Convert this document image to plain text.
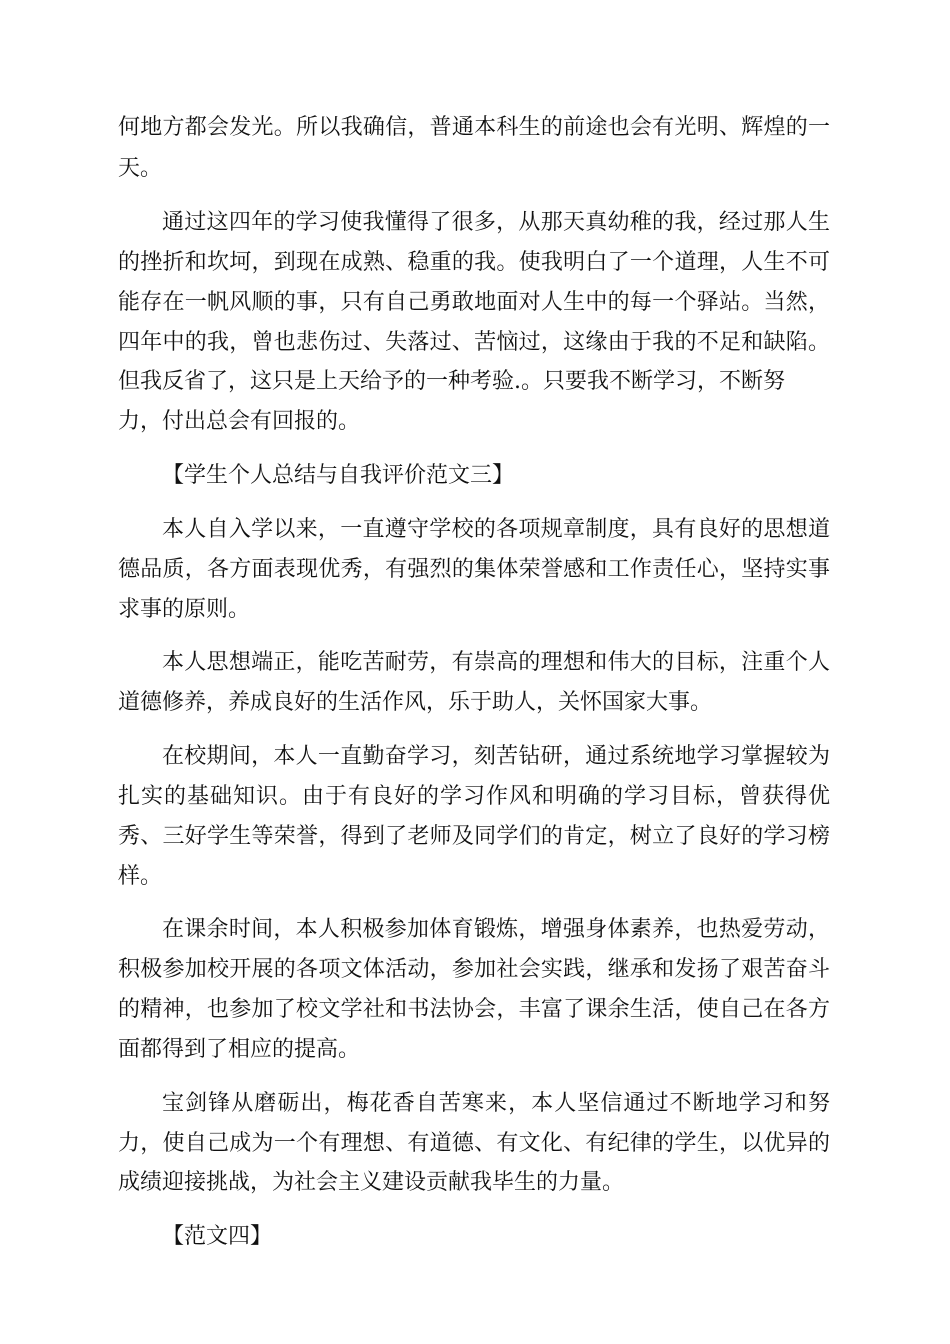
何地方都会发光。所以我确信，普通本科生的前途也会有光明、辉煌的一
天。
通过这四年的学习使我懂得了很多，从那天真幼稚的我，经过那人生
的挫折和坎坷，到现在成熟、稳重的我。使我明白了一个道理，人生不可
能存在一帆风顺的事，只有自己勇敢地面对人生中的每一个驿站。当然，
四年中的我，曾也悲伤过、失落过、苦恼过，这缘由于我的不足和缺陷。
但我反省了，这只是上天给予的一种考验.。只要我不断学习，不断努
力，付出总会有回报的。
【学生个人总结与自我评价范文三】
本人自入学以来，一直遵守学校的各项规章制度，具有良好的思想道
德品质，各方面表现优秀，有强烈的集体荣誉感和工作责任心，坚持实事
求事的原则。
本人思想端正，能吃苦耐劳，有崇高的理想和伟大的目标，注重个人
道德修养，养成良好的生活作风，乐于助人，关怀国家大事。
在校期间，本人一直勤奋学习，刻苦钻研，通过系统地学习掌握较为
扎实的基础知识。由于有良好的学习作风和明确的学习目标，曾获得优
秀、三好学生等荣誉，得到了老师及同学们的肯定，树立了良好的学习榜
样。
在课余时间，本人积极参加体育锻炼，增强身体素养，也热爱劳动，
积极参加校开展的各项文体活动，参加社会实践，继承和发扬了艰苦奋斗
的精神，也参加了校文学社和书法协会，丰富了课余生活，使自己在各方
面都得到了相应的提高。
宝剑锋从磨砺出，梅花香自苦寒来，本人坚信通过不断地学习和努
力，使自己成为一个有理想、有道德、有文化、有纪律的学生，以优异的
成绩迎接挑战，为社会主义建设贡献我毕生的力量。
【范文四】
